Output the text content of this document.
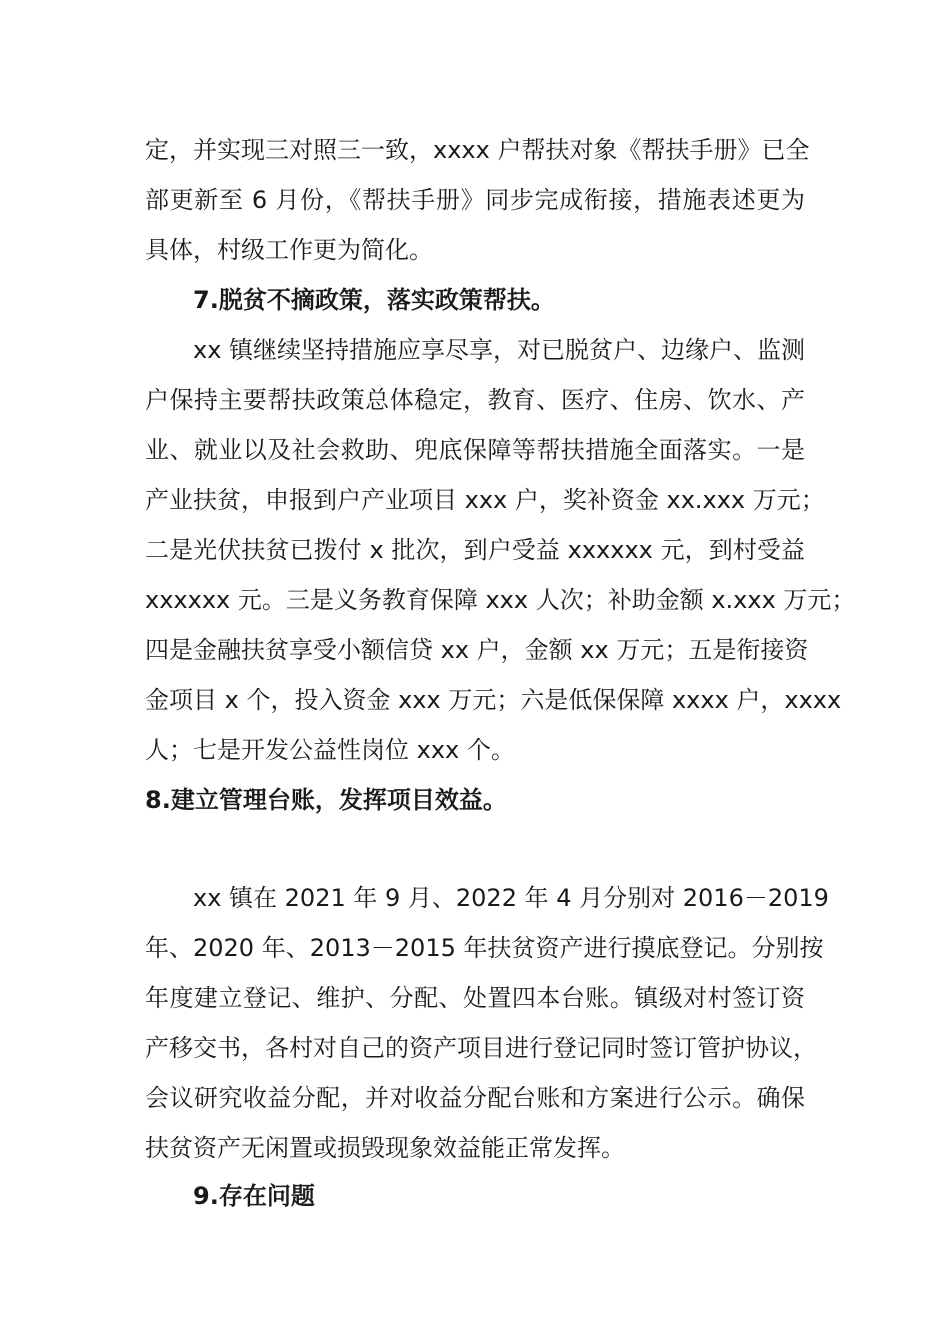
定，并实现三对照三一致，xxxx 户帮扶对象《帮扶手册》已全
部更新至 6 月份，《帮扶手册》同步完成衔接，措施表述更为
具体，村级工作更为简化。
7.脱贫不摘政策，落实政策帮扶。
xx 镇继续坚持措施应享尽享，对已脱贫户、边缘户、监测
户保持主要帮扶政策总体稳定，教育、医疗、住房、饮水、产
业、就业以及社会救助、兜底保障等帮扶措施全面落实。一是
产业扶贫，申报到户产业项目 xxx 户，奖补资金 xx.xxx 万元；
二是光伏扶贫已拨付 x 批次，到户受益 xxxxxx 元，到村受益
xxxxxx 元。三是义务教育保障 xxx 人次；补助金额 x.xxx 万元；
四是金融扶贫享受小额信贷 xx 户，金额 xx 万元；五是衔接资
金项目 x 个，投入资金 xxx 万元；六是低保保障 xxxx 户，xxxx
人；七是开发公益性岗位 xxx 个。
8.建立管理台账，发挥项目效益。
xx 镇在 2021 年 9 月、2022 年 4 月分别对 2016－2019
年、2020 年、2013－2015 年扶贫资产进行摸底登记。分别按
年度建立登记、维护、分配、处置四本台账。镇级对村签订资
产移交书，各村对自己的资产项目进行登记同时签订管护协议，
会议研究收益分配，并对收益分配台账和方案进行公示。确保
扶贫资产无闲置或损毁现象效益能正常发挥。
9.存在问题
